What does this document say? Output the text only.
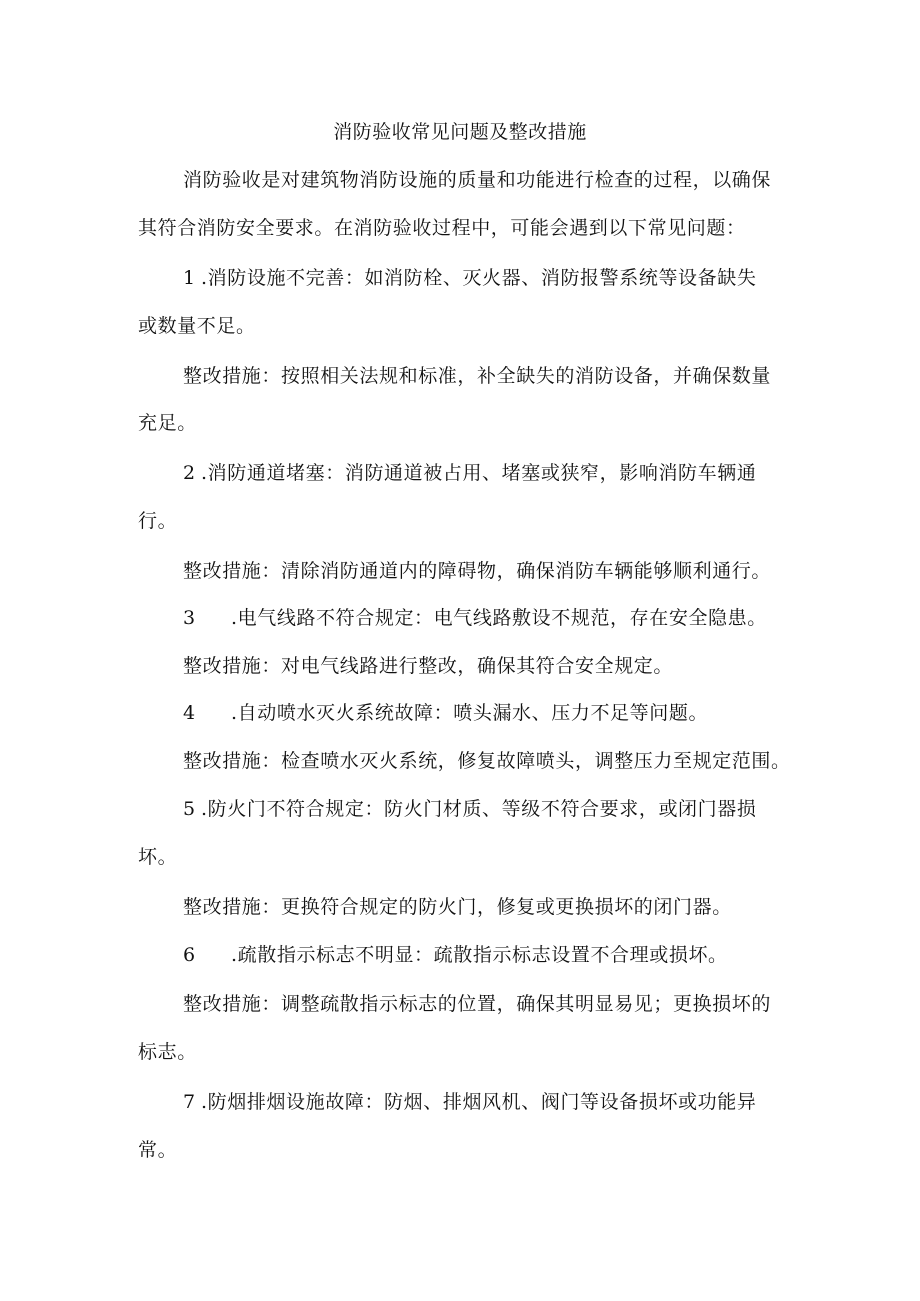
消防验收常见问题及整改措施
消防验收是对建筑物消防设施的质量和功能进行检查的过程，以确保
其符合消防安全要求。在消防验收过程中，可能会遇到以下常见问题：
1 .消防设施不完善：如消防栓、灭火器、消防报警系统等设备缺失
或数量不足。
整改措施：按照相关法规和标准，补全缺失的消防设备，并确保数量
充足。
2 .消防通道堵塞：消防通道被占用、堵塞或狭窄，影响消防车辆通
行。
整改措施：清除消防通道内的障碍物，确保消防车辆能够顺利通行。
3 .电气线路不符合规定：电气线路敷设不规范，存在安全隐患。
整改措施：对电气线路进行整改，确保其符合安全规定。
4 .自动喷水灭火系统故障：喷头漏水、压力不足等问题。
整改措施：检查喷水灭火系统，修复故障喷头，调整压力至规定范围。
5 .防火门不符合规定：防火门材质、等级不符合要求，或闭门器损
坏。
整改措施：更换符合规定的防火门，修复或更换损坏的闭门器。
6 .疏散指示标志不明显：疏散指示标志设置不合理或损坏。
整改措施：调整疏散指示标志的位置，确保其明显易见；更换损坏的
标志。
7 .防烟排烟设施故障：防烟、排烟风机、阀门等设备损坏或功能异
常。
